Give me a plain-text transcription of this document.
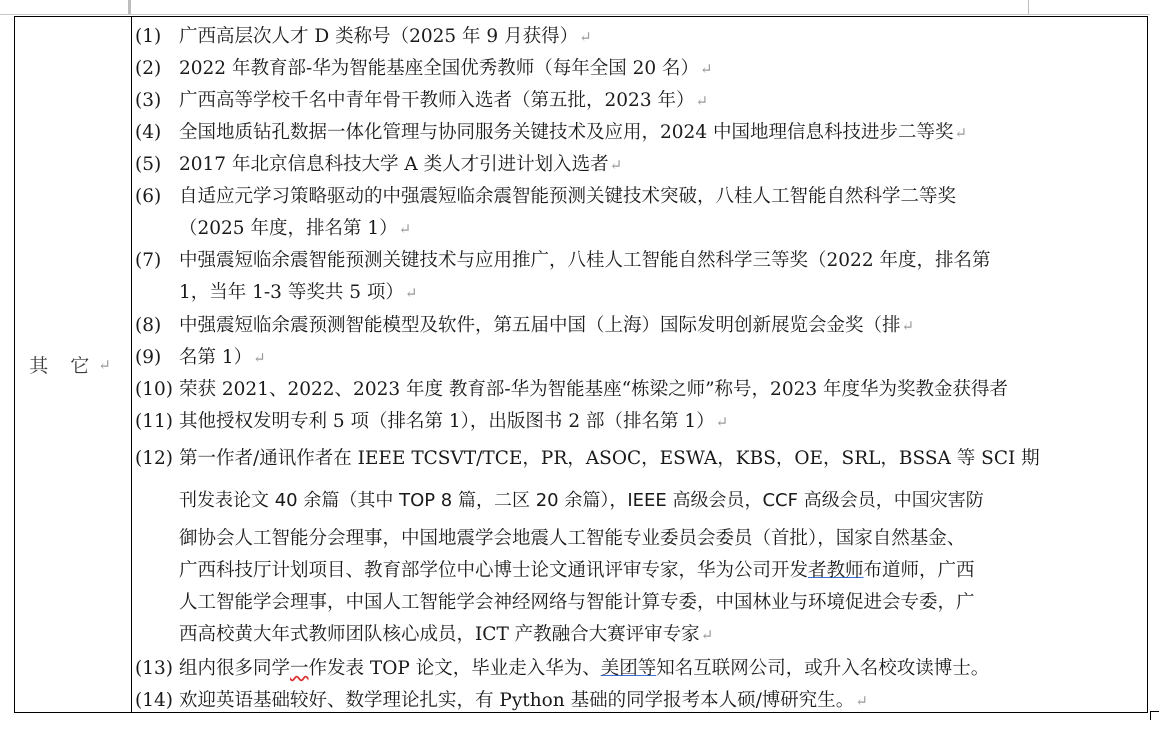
其 它 ↵
(1) 广西高层次人才 D 类称号（2025 年 9 月获得）↵
(2) 2022 年教育部-华为智能基座全国优秀教师（每年全国 20 名）↵
(3) 广西高等学校千名中青年骨干教师入选者（第五批，2023 年）↵
(4) 全国地质钻孔数据一体化管理与协同服务关键技术及应用，2024 中国地理信息科技进步二等奖↵
(5) 2017 年北京信息科技大学 A 类人才引进计划入选者↵
(6) 自适应元学习策略驱动的中强震短临余震智能预测关键技术突破，八桂人工智能自然科学二等奖
（2025 年度，排名第 1）↵
(7) 中强震短临余震智能预测关键技术与应用推广，八桂人工智能自然科学三等奖（2022 年度，排名第
1，当年 1-3 等奖共 5 项）↵
(8) 中强震短临余震预测智能模型及软件，第五届中国（上海）国际发明创新展览会金奖（排↵
(9) 名第 1）↵
(10) 荣获 2021、2022、2023 年度 教育部-华为智能基座“栋梁之师”称号，2023 年度华为奖教金获得者
(11) 其他授权发明专利 5 项（排名第 1），出版图书 2 部（排名第 1）↵
(12) 第一作者/通讯作者在 IEEE TCSVT/TCE，PR，ASOC，ESWA，KBS，OE，SRL，BSSA 等 SCI 期
刊发表论文 40 余篇（其中 TOP 8 篇，二区 20 余篇），IEEE 高级会员，CCF 高级会员，中国灾害防
御协会人工智能分会理事，中国地震学会地震人工智能专业委员会委员（首批），国家自然基金、
广西科技厅计划项目、教育部学位中心博士论文通讯评审专家，华为公司开发者教师布道师，广西
人工智能学会理事，中国人工智能学会神经网络与智能计算专委，中国林业与环境促进会专委，广
西高校黄大年式教师团队核心成员，ICT 产教融合大赛评审专家↵
(13) 组内很多同学一作发表 TOP 论文，毕业走入华为、美团等知名互联网公司，或升入名校攻读博士。
(14) 欢迎英语基础较好、数学理论扎实，有 Python 基础的同学报考本人硕/博研究生。↵
